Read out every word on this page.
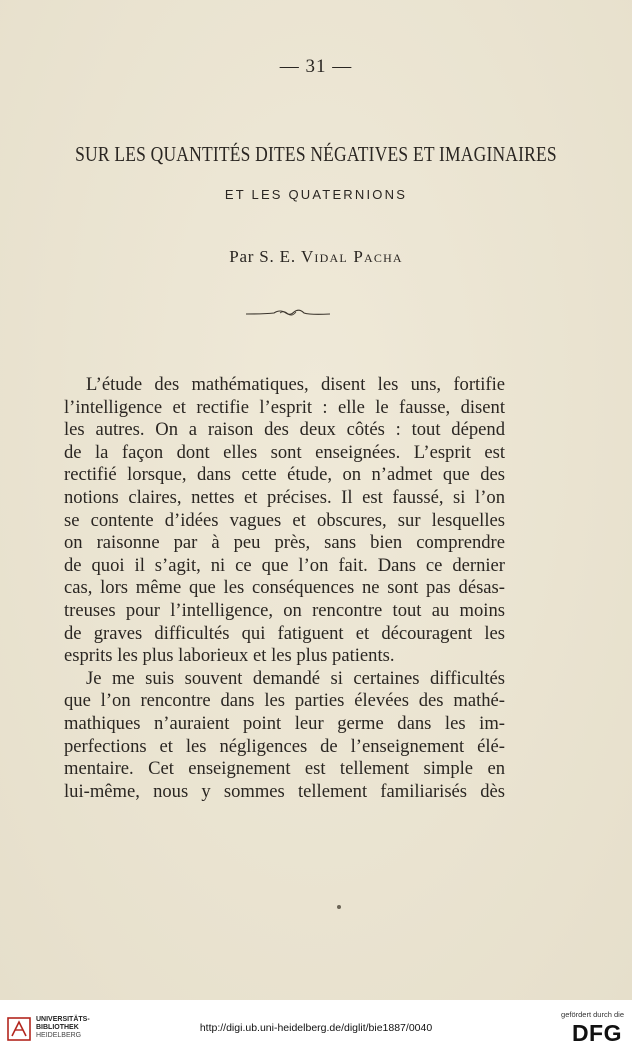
— 31 —
SUR LES QUANTITÉS DITES NÉGATIVES ET IMAGINAIRES
ET LES QUATERNIONS
Par S. E. Vidal Pacha
L’étude des mathématiques, disent les uns, fortifie
l’intelligence et rectifie l’esprit : elle le fausse, disent
les autres. On a raison des deux côtés : tout dépend
de la façon dont elles sont enseignées. L’esprit est
rectifié lorsque, dans cette étude, on n’admet que des
notions claires, nettes et précises. Il est faussé, si l’on
se contente d’idées vagues et obscures, sur lesquelles
on raisonne par à peu près, sans bien comprendre
de quoi il s’agit, ni ce que l’on fait. Dans ce dernier
cas, lors même que les conséquences ne sont pas désas-
treuses pour l’intelligence, on rencontre tout au moins
de graves difficultés qui fatiguent et découragent les
esprits les plus laborieux et les plus patients.
Je me suis souvent demandé si certaines difficultés
que l’on rencontre dans les parties élevées des mathé-
mathiques n’auraient point leur germe dans les im-
perfections et les négligences de l’enseignement élé-
mentaire. Cet enseignement est tellement simple en
lui-même, nous y sommes tellement familiarisés dès
UNIVERSITÄTS-
BIBLIOTHEK
HEIDELBERG
http://digi.ub.uni-heidelberg.de/diglit/bie1887/0040
gefördert durch die
DFG
